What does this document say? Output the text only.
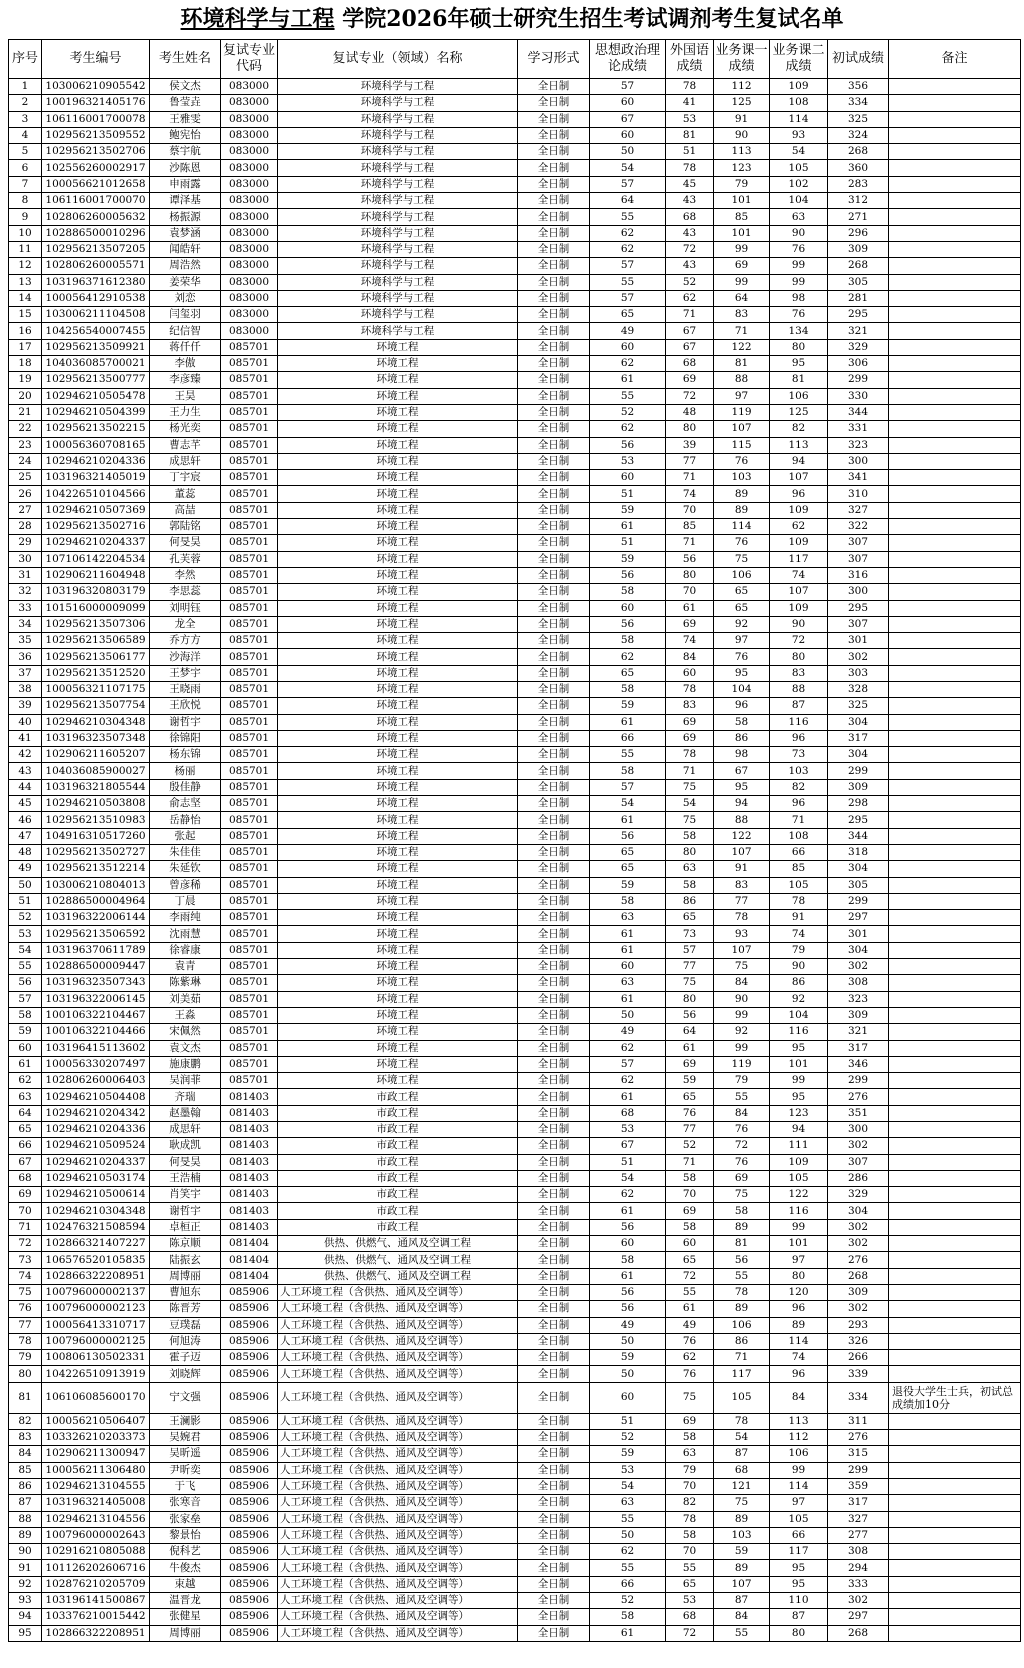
环境科学与工程 学院2026年硕士研究生招生考试调剂考生复试名单
序号	考生编号	考生姓名	复试专业代码	复试专业（领域）名称	学习形式	思想政治理论成绩	外国语成绩	业务课一成绩	业务课二成绩	初试成绩	备注
1	103006210905542	侯文杰	083000	环境科学与工程	全日制	57	78	112	109	356	
2	100196321405176	鲁莹垚	083000	环境科学与工程	全日制	60	41	125	108	334	
3	106116001700078	王雅雯	083000	环境科学与工程	全日制	67	53	91	114	325	
4	102956213509552	鲍宪怡	083000	环境科学与工程	全日制	60	81	90	93	324	
5	102956213502706	蔡宇航	083000	环境科学与工程	全日制	50	51	113	54	268	
6	102556260002917	沙陈恩	083000	环境科学与工程	全日制	54	78	123	105	360	
7	100056621012658	申雨露	083000	环境科学与工程	全日制	57	45	79	102	283	
8	106116001700070	谭泽基	083000	环境科学与工程	全日制	64	43	101	104	312	
9	102806260005632	杨振源	083000	环境科学与工程	全日制	55	68	85	63	271	
10	102886500010296	袁梦涵	083000	环境科学与工程	全日制	62	43	101	90	296	
11	102956213507205	闻皓轩	083000	环境科学与工程	全日制	62	72	99	76	309	
12	102806260005571	周浩然	083000	环境科学与工程	全日制	57	43	69	99	268	
13	103196371612380	姜荣华	083000	环境科学与工程	全日制	55	52	99	99	305	
14	100056412910538	刘恋	083000	环境科学与工程	全日制	57	62	64	98	281	
15	103006211104508	闫玺羽	083000	环境科学与工程	全日制	65	71	83	76	295	
16	104256540007455	纪信智	083000	环境科学与工程	全日制	49	67	71	134	321	
17	102956213509921	蒋仟仟	085701	环境工程	全日制	60	67	122	80	329	
18	104036085700021	李傲	085701	环境工程	全日制	62	68	81	95	306	
19	102956213500777	李彦臻	085701	环境工程	全日制	61	69	88	81	299	
20	102946210505478	王昊	085701	环境工程	全日制	55	72	97	106	330	
21	102946210504399	王力生	085701	环境工程	全日制	52	48	119	125	344	
22	102956213502215	杨光奕	085701	环境工程	全日制	62	80	107	82	331	
23	100056360708165	曹志芊	085701	环境工程	全日制	56	39	115	113	323	
24	102946210204336	成思轩	085701	环境工程	全日制	53	77	76	94	300	
25	103196321405019	丁宇宸	085701	环境工程	全日制	60	71	103	107	341	
26	104226510104566	董蕊	085701	环境工程	全日制	51	74	89	96	310	
27	102946210507369	高喆	085701	环境工程	全日制	59	70	89	109	327	
28	102956213502716	郭陆铭	085701	环境工程	全日制	61	85	114	62	322	
29	102946210204337	何旻昊	085701	环境工程	全日制	51	71	76	109	307	
30	107106142204534	孔芙蓉	085701	环境工程	全日制	59	56	75	117	307	
31	102906211604948	李然	085701	环境工程	全日制	56	80	106	74	316	
32	103196320803179	李思蕊	085701	环境工程	全日制	58	70	65	107	300	
33	101516000009099	刘明钰	085701	环境工程	全日制	60	61	65	109	295	
34	102956213507306	龙全	085701	环境工程	全日制	56	69	92	90	307	
35	102956213506589	乔方方	085701	环境工程	全日制	58	74	97	72	301	
36	102956213506177	沙海洋	085701	环境工程	全日制	62	84	76	80	302	
37	102956213512520	王梦宇	085701	环境工程	全日制	65	60	95	83	303	
38	100056321107175	王晓雨	085701	环境工程	全日制	58	78	104	88	328	
39	102956213507754	王欣悦	085701	环境工程	全日制	59	83	96	87	325	
40	102946210304348	谢哲宇	085701	环境工程	全日制	61	69	58	116	304	
41	103196323507348	徐锦阳	085701	环境工程	全日制	66	69	86	96	317	
42	102906211605207	杨东锦	085701	环境工程	全日制	55	78	98	73	304	
43	104036085900027	杨丽	085701	环境工程	全日制	58	71	67	103	299	
44	103196321805544	殷佳静	085701	环境工程	全日制	57	75	95	82	309	
45	102946210503808	俞志坚	085701	环境工程	全日制	54	54	94	96	298	
46	102956213510983	岳静怡	085701	环境工程	全日制	61	75	88	71	295	
47	104916310517260	张起	085701	环境工程	全日制	56	58	122	108	344	
48	102956213502727	朱佳佳	085701	环境工程	全日制	65	80	107	66	318	
49	102956213512214	朱延钦	085701	环境工程	全日制	65	63	91	85	304	
50	103006210804013	曾彦稀	085701	环境工程	全日制	59	58	83	105	305	
51	102886500004964	丁晨	085701	环境工程	全日制	58	86	77	78	299	
52	103196322006144	李雨纯	085701	环境工程	全日制	63	65	78	91	297	
53	102956213506592	沈雨慧	085701	环境工程	全日制	61	73	93	74	301	
54	103196370611789	徐睿康	085701	环境工程	全日制	61	57	107	79	304	
55	102886500009447	袁青	085701	环境工程	全日制	60	77	75	90	302	
56	103196323507343	陈紫琳	085701	环境工程	全日制	63	75	84	86	308	
57	103196322006145	刘美茹	085701	环境工程	全日制	61	80	90	92	323	
58	100106322104467	王淼	085701	环境工程	全日制	50	56	99	104	309	
59	100106322104466	宋佩然	085701	环境工程	全日制	49	64	92	116	321	
60	103196415113602	袁文杰	085701	环境工程	全日制	62	61	99	95	317	
61	100056330207497	施康鹏	085701	环境工程	全日制	57	69	119	101	346	
62	102806260006403	吴润菲	085701	环境工程	全日制	62	59	79	99	299	
63	102946210504408	齐瑞	081403	市政工程	全日制	61	65	55	95	276	
64	102946210204342	赵墨翰	081403	市政工程	全日制	68	76	84	123	351	
65	102946210204336	成思轩	081403	市政工程	全日制	53	77	76	94	300	
66	102946210509524	耿成凯	081403	市政工程	全日制	67	52	72	111	302	
67	102946210204337	何旻昊	081403	市政工程	全日制	51	71	76	109	307	
68	102946210503174	王浩楠	081403	市政工程	全日制	54	58	69	105	286	
69	102946210500614	肖笑宇	081403	市政工程	全日制	62	70	75	122	329	
70	102946210304348	谢哲宇	081403	市政工程	全日制	61	69	58	116	304	
71	102476321508594	卓桓正	081403	市政工程	全日制	56	58	89	99	302	
72	102866321407227	陈京顺	081404	供热、供燃气、通风及空调工程	全日制	60	60	81	101	302	
73	106576520105835	陆振玄	081404	供热、供燃气、通风及空调工程	全日制	58	65	56	97	276	
74	102866322208951	周博丽	081404	供热、供燃气、通风及空调工程	全日制	61	72	55	80	268	
75	100796000002137	曹旭东	085906	人工环境工程（含供热、通风及空调等）	全日制	56	55	78	120	309	
76	100796000002123	陈晋芳	085906	人工环境工程（含供热、通风及空调等）	全日制	56	61	89	96	302	
77	100056413310717	豆璞磊	085906	人工环境工程（含供热、通风及空调等）	全日制	49	49	106	89	293	
78	100796000002125	何旭涛	085906	人工环境工程（含供热、通风及空调等）	全日制	50	76	86	114	326	
79	100806130502331	霍子迈	085906	人工环境工程（含供热、通风及空调等）	全日制	59	62	71	74	266	
80	104226510913919	刘晓辉	085906	人工环境工程（含供热、通风及空调等）	全日制	50	76	117	96	339	
81	106106085600170	宁文强	085906	人工环境工程（含供热、通风及空调等）	全日制	60	75	105	84	334	退役大学生士兵，初试总成绩加10分
82	100056210506407	王澜影	085906	人工环境工程（含供热、通风及空调等）	全日制	51	69	78	113	311	
83	103326210203373	吴婉君	085906	人工环境工程（含供热、通风及空调等）	全日制	52	58	54	112	276	
84	102906211300947	吴昕遥	085906	人工环境工程（含供热、通风及空调等）	全日制	59	63	87	106	315	
85	100056211306480	尹昕奕	085906	人工环境工程（含供热、通风及空调等）	全日制	53	79	68	99	299	
86	102946213104555	于飞	085906	人工环境工程（含供热、通风及空调等）	全日制	54	70	121	114	359	
87	103196321405008	张寒音	085906	人工环境工程（含供热、通风及空调等）	全日制	63	82	75	97	317	
88	102946213104556	张家垒	085906	人工环境工程（含供热、通风及空调等）	全日制	55	78	89	105	327	
89	100796000002643	黎景怡	085906	人工环境工程（含供热、通风及空调等）	全日制	50	58	103	66	277	
90	102916210805088	倪科艺	085906	人工环境工程（含供热、通风及空调等）	全日制	62	70	59	117	308	
91	101126202606716	牛俊杰	085906	人工环境工程（含供热、通风及空调等）	全日制	55	55	89	95	294	
92	102876210205709	束越	085906	人工环境工程（含供热、通风及空调等）	全日制	66	65	107	95	333	
93	103196141500867	温晋龙	085906	人工环境工程（含供热、通风及空调等）	全日制	52	53	87	110	302	
94	103376210015442	张健星	085906	人工环境工程（含供热、通风及空调等）	全日制	58	68	84	87	297	
95	102866322208951	周博丽	085906	人工环境工程（含供热、通风及空调等）	全日制	61	72	55	80	268	
